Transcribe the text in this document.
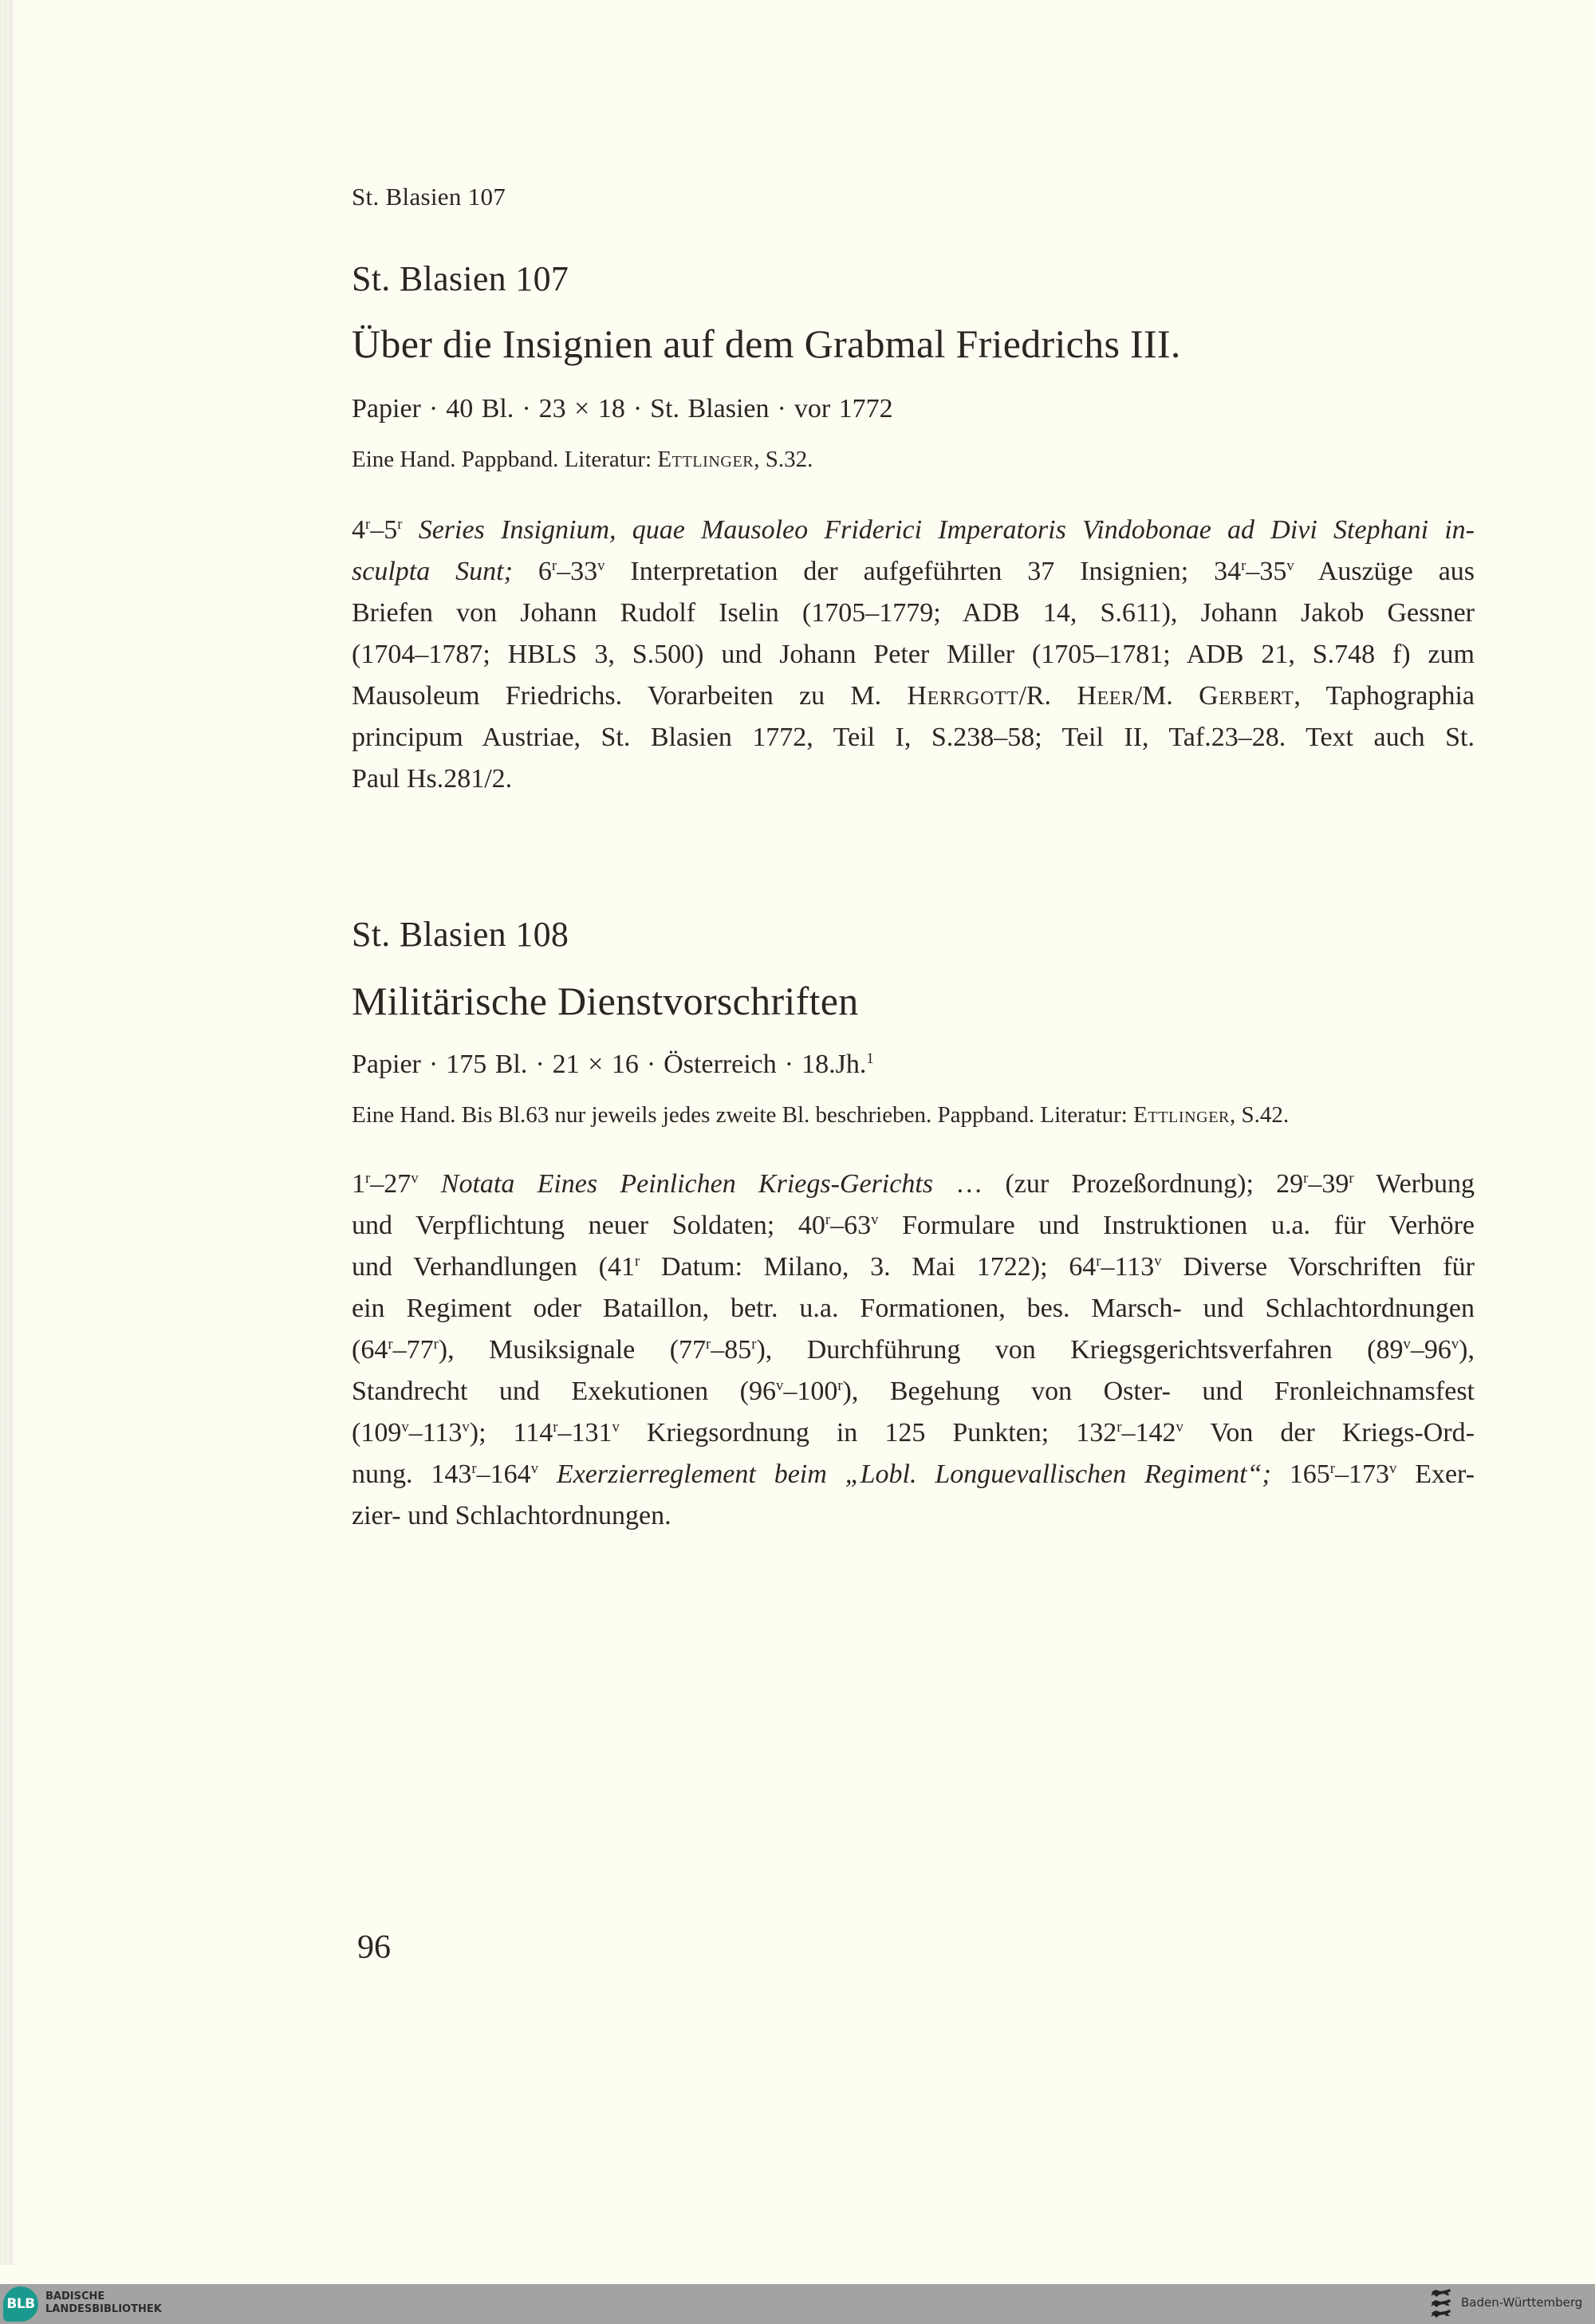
St. Blasien 107
St. Blasien 107
Über die Insignien auf dem Grabmal Friedrichs III.
Papier · 40 Bl. · 23 × 18 · St. Blasien · vor 1772
Eine Hand. Pappband. Literatur: Ettlinger, S.32.
4$^r$–5$^r$ Series Insignium, quae Mausoleo Friderici Imperatoris Vindobonae ad Divi Stephani in-
sculpta Sunt; 6$^r$–33$^v$ Interpretation der aufgeführten 37 Insignien; 34$^r$–35$^v$ Auszüge aus
Briefen von Johann Rudolf Iselin (1705–1779; ADB 14, S.611), Johann Jakob Gessner
(1704–1787; HBLS 3, S.500) und Johann Peter Miller (1705–1781; ADB 21, S.748 f) zum
Mausoleum Friedrichs. Vorarbeiten zu M. Herrgott/R. Heer/M. Gerbert, Taphographia
principum Austriae, St. Blasien 1772, Teil I, S.238–58; Teil II, Taf.23–28. Text auch St.
Paul Hs.281/2.
St. Blasien 108
Militärische Dienstvorschriften
Papier · 175 Bl. · 21 × 16 · Österreich · 18.Jh.$^1$
Eine Hand. Bis Bl.63 nur jeweils jedes zweite Bl. beschrieben. Pappband. Literatur: Ettlinger, S.42.
1$^r$–27$^v$ Notata Eines Peinlichen Kriegs-Gerichts … (zur Prozeßordnung); 29$^r$–39$^r$ Werbung
und Verpflichtung neuer Soldaten; 40$^r$–63$^v$ Formulare und Instruktionen u.a. für Verhöre
und Verhandlungen (41$^r$ Datum: Milano, 3. Mai 1722); 64$^r$–113$^v$ Diverse Vorschriften für
ein Regiment oder Bataillon, betr. u.a. Formationen, bes. Marsch- und Schlachtordnungen
(64$^r$–77$^r$), Musiksignale (77$^r$–85$^r$), Durchführung von Kriegsgerichtsverfahren (89$^v$–96$^v$),
Standrecht und Exekutionen (96$^v$–100$^r$), Begehung von Oster- und Fronleichnamsfest
(109$^v$–113$^v$); 114$^r$–131$^v$ Kriegsordnung in 125 Punkten; 132$^r$–142$^v$ Von der Kriegs-Ord-
nung. 143$^r$–164$^v$ Exerzierreglement beim „Lobl. Longuevallischen Regiment“; 165$^r$–173$^v$ Exer-
zier- und Schlachtordnungen.
96
BLB BADISCHE
LANDESBIBLIOTHEK	Baden-Württemberg
